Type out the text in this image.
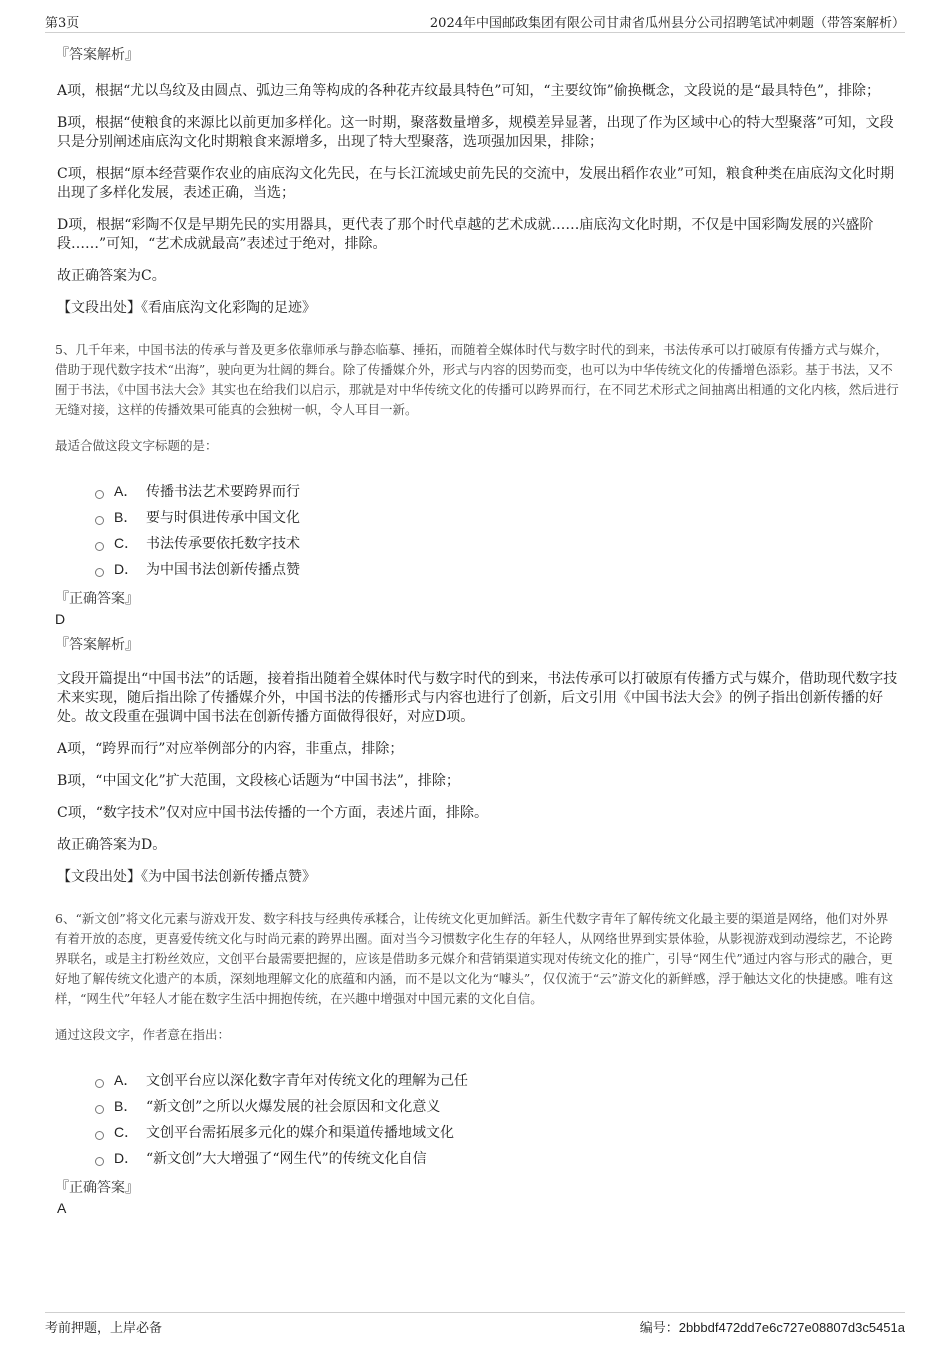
第3页	2024年中国邮政集团有限公司甘肃省瓜州县分公司招聘笔试冲刺题（带答案解析）

『答案解析』

A项，根据“尤以鸟纹及由圆点、弧边三角等构成的各种花卉纹最具特色”可知，“主要纹饰”偷换概念，文段说的是“最具特色”，排除；

B项，根据“使粮食的来源比以前更加多样化。这一时期，聚落数量增多，规模差异显著，出现了作为区域中心的特大型聚落”可知，文段只是分别阐述庙底沟文化时期粮食来源增多，出现了特大型聚落，选项强加因果，排除；

C项，根据“原本经营粟作农业的庙底沟文化先民，在与长江流域史前先民的交流中，发展出稻作农业”可知，粮食种类在庙底沟文化时期出现了多样化发展，表述正确，当选；

D项，根据“彩陶不仅是早期先民的实用器具，更代表了那个时代卓越的艺术成就……庙底沟文化时期，不仅是中国彩陶发展的兴盛阶段……”可知，“艺术成就最高”表述过于绝对，排除。

故正确答案为C。

【文段出处】《看庙底沟文化彩陶的足迹》

5、几千年来，中国书法的传承与普及更多依靠师承与静态临摹、捶拓，而随着全媒体时代与数字时代的到来，书法传承可以打破原有传播方式与媒介，借助于现代数字技术“出海”，驶向更为壮阔的舞台。除了传播媒介外，形式与内容的因势而变，也可以为中华传统文化的传播增色添彩。基于书法，又不囿于书法，《中国书法大会》其实也在给我们以启示，那就是对中华传统文化的传播可以跨界而行，在不同艺术形式之间抽离出相通的文化内核，然后进行无缝对接，这样的传播效果可能真的会独树一帜，令人耳目一新。

最适合做这段文字标题的是：

A． 传播书法艺术要跨界而行
B． 要与时俱进传承中国文化
C． 书法传承要依托数字技术
D． 为中国书法创新传播点赞

『正确答案』

D

『答案解析』

文段开篇提出“中国书法”的话题，接着指出随着全媒体时代与数字时代的到来，书法传承可以打破原有传播方式与媒介，借助现代数字技术来实现，随后指出除了传播媒介外，中国书法的传播形式与内容也进行了创新，后文引用《中国书法大会》的例子指出创新传播的好处。故文段重在强调中国书法在创新传播方面做得很好，对应D项。

A项，“跨界而行”对应举例部分的内容，非重点，排除；

B项，“中国文化”扩大范围，文段核心话题为“中国书法”，排除；

C项，“数字技术”仅对应中国书法传播的一个方面，表述片面，排除。

故正确答案为D。

【文段出处】《为中国书法创新传播点赞》

6、“新文创”将文化元素与游戏开发、数字科技与经典传承糅合，让传统文化更加鲜活。新生代数字青年了解传统文化最主要的渠道是网络，他们对外界有着开放的态度，更喜爱传统文化与时尚元素的跨界出圈。面对当今习惯数字化生存的年轻人，从网络世界到实景体验，从影视游戏到动漫综艺，不论跨界联名，或是主打粉丝效应，文创平台最需要把握的，应该是借助多元媒介和营销渠道实现对传统文化的推广，引导“网生代”通过内容与形式的融合，更好地了解传统文化遗产的本质，深刻地理解文化的底蕴和内涵，而不是以文化为“噱头”，仅仅流于“云”游文化的新鲜感，浮于触达文化的快捷感。唯有这样，“网生代”年轻人才能在数字生活中拥抱传统，在兴趣中增强对中国元素的文化自信。

通过这段文字，作者意在指出：

A． 文创平台应以深化数字青年对传统文化的理解为己任
B． “新文创”之所以火爆发展的社会原因和文化意义
C． 文创平台需拓展多元化的媒介和渠道传播地域文化
D． “新文创”大大增强了“网生代”的传统文化自信

『正确答案』

A

考前押题，上岸必备	编号：2bbbdf472dd7e6c727e08807d3c5451a
